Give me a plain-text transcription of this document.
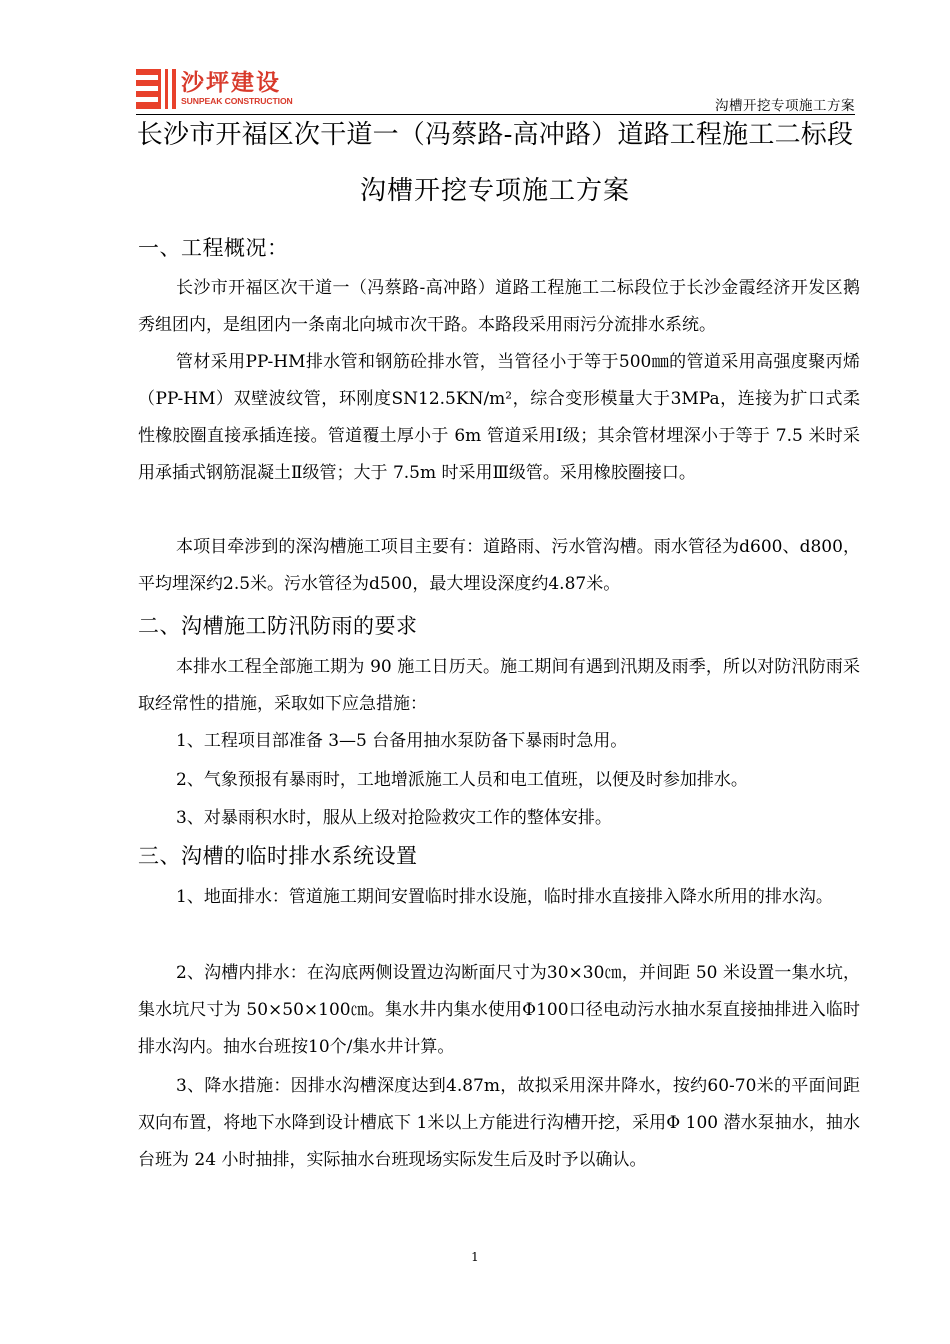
沙坪建设
SUNPEAK CONSTRUCTION	沟槽开挖专项施工方案
长沙市开福区次干道一（冯蔡路-高冲路）道路工程施工二标段
沟槽开挖专项施工方案
一、工程概况：

长沙市开福区次干道一（冯蔡路-高冲路）道路工程施工二标段位于长沙金霞经济开发区鹅秀组团内，是组团内一条南北向城市次干路。本路段采用雨污分流排水系统。

管材采用PP-HM排水管和钢筋砼排水管，当管径小于等于500㎜的管道采用高强度聚丙烯（PP-HM）双壁波纹管，环刚度SN12.5KN/m²，综合变形模量大于3MPa，连接为扩口式柔性橡胶圈直接承插连接。管道覆土厚小于 6m 管道采用Ⅰ级；其余管材埋深小于等于 7.5 米时采用承插式钢筋混凝土Ⅱ级管；大于 7.5m 时采用Ⅲ级管。采用橡胶圈接口。

本项目牵涉到的深沟槽施工项目主要有：道路雨、污水管沟槽。雨水管径为d600、d800，平均埋深约2.5米。污水管径为d500，最大埋设深度约4.87米。

二、沟槽施工防汛防雨的要求

本排水工程全部施工期为 90 施工日历天。施工期间有遇到汛期及雨季，所以对防汛防雨采取经常性的措施，采取如下应急措施：

1、工程项目部准备 3—5 台备用抽水泵防备下暴雨时急用。

2、气象预报有暴雨时，工地增派施工人员和电工值班，以便及时参加排水。

3、对暴雨积水时，服从上级对抢险救灾工作的整体安排。

三、沟槽的临时排水系统设置

1、地面排水：管道施工期间安置临时排水设施，临时排水直接排入降水所用的排水沟。

2、沟槽内排水：在沟底两侧设置边沟断面尺寸为30×30㎝，并间距 50 米设置一集水坑，集水坑尺寸为 50×50×100㎝。集水井内集水使用Φ100口径电动污水抽水泵直接抽排进入临时排水沟内。抽水台班按10个/集水井计算。

3、降水措施：因排水沟槽深度达到4.87m，故拟采用深井降水，按约60-70米的平面间距双向布置，将地下水降到设计槽底下 1米以上方能进行沟槽开挖，采用Φ 100 潜水泵抽水，抽水台班为 24 小时抽排，实际抽水台班现场实际发生后及时予以确认。

1
